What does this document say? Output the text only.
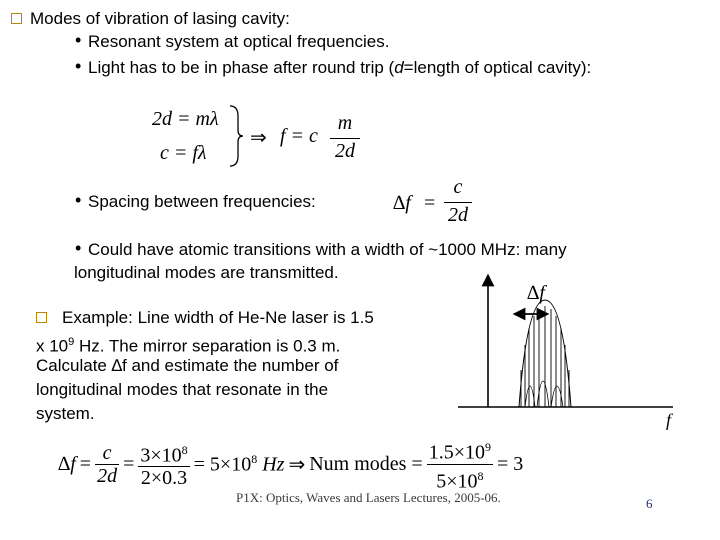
Modes of vibration of lasing cavity:
• Resonant system at optical frequencies.
• Light has to be in phase after round trip (d=length of optical cavity):
2d = mλ
c = fλ
⇒ f = c
m
2d
• Spacing between frequencies:	∆f =
c
2d
• Could have atomic transitions with a width of ~1000 MHz: many
longitudinal modes are transmitted.
Example: Line width of He-Ne laser is 1.5
x $10^9$ Hz. The mirror separation is 0.3 m.
Calculate ∆f and estimate the number of
longitudinal modes that resonate in the
system.
∆f
f
$\Delta f = \frac{c}{2d} = \frac{3\times 10^8}{2\times 0.3} = 5\times 10^8$ Hz ⇒ Num modes = $\frac{1.5\times 10^9}{5\times 10^8} = 3$
P1X: Optics, Waves and Lasers Lectures, 2005-06.	6
